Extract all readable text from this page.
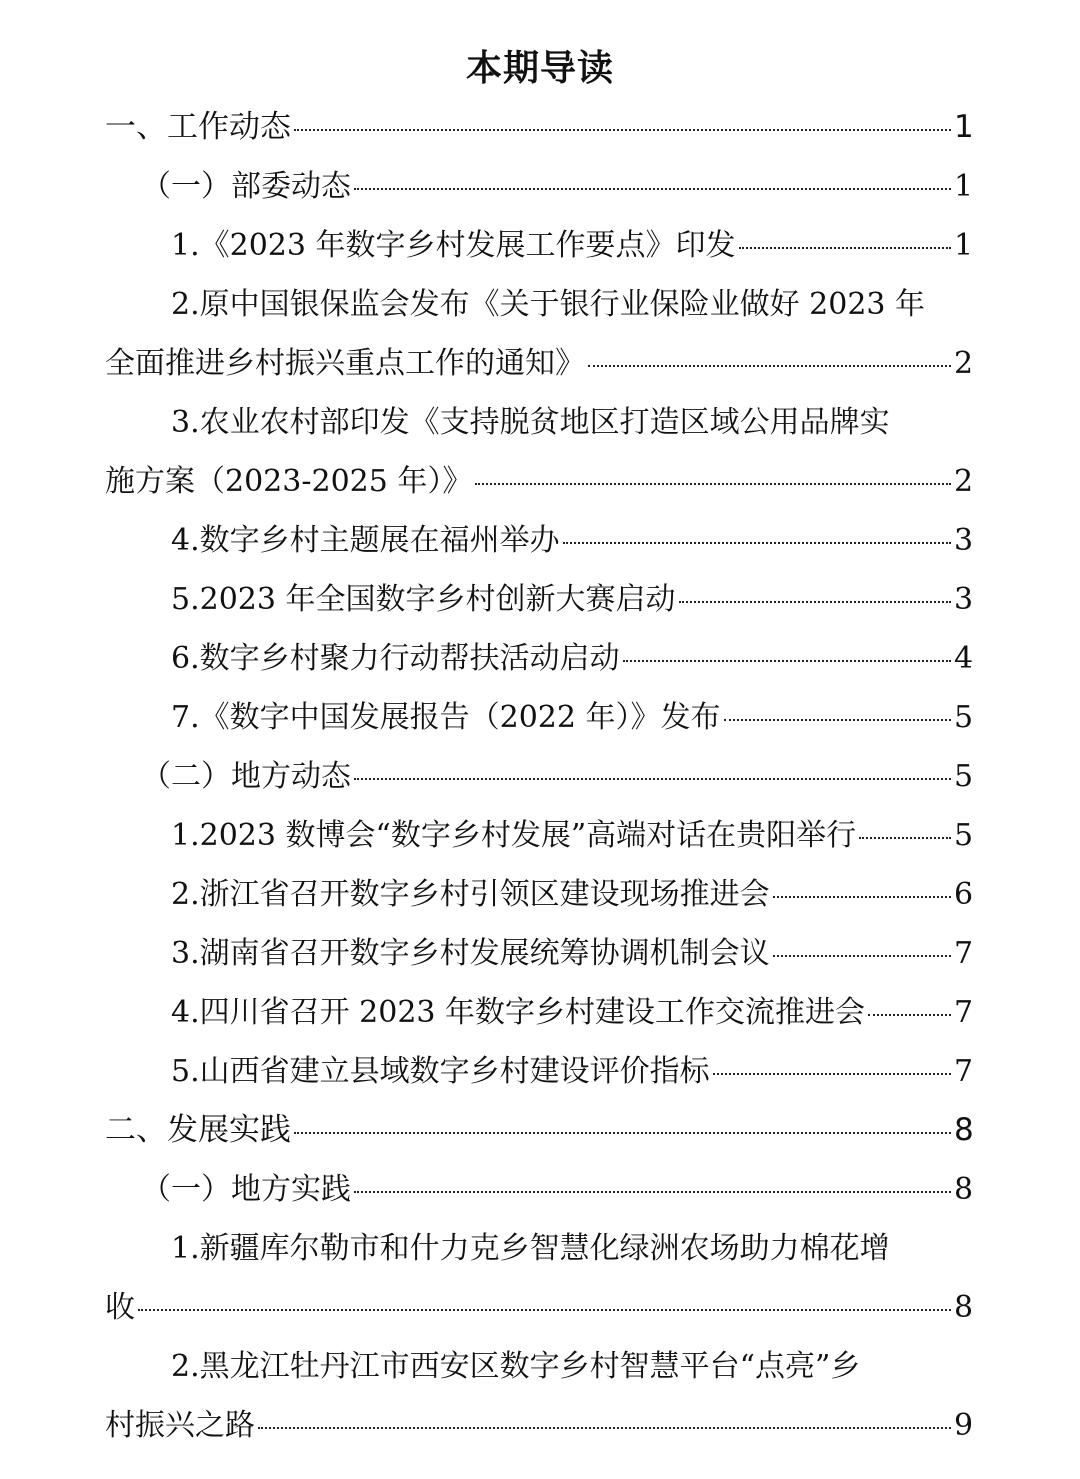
本期导读
一、工作动态	1
（一）部委动态	1
1.《2023 年数字乡村发展工作要点》印发	1
2.原中国银保监会发布《关于银行业保险业做好 2023 年
全面推进乡村振兴重点工作的通知》	2
3.农业农村部印发《支持脱贫地区打造区域公用品牌实
施方案（2023-2025 年）》	2
4.数字乡村主题展在福州举办	3
5.2023 年全国数字乡村创新大赛启动	3
6.数字乡村聚力行动帮扶活动启动	4
7.《数字中国发展报告（2022 年）》发布	5
（二）地方动态	5
1.2023 数博会“数字乡村发展”高端对话在贵阳举行	5
2.浙江省召开数字乡村引领区建设现场推进会	6
3.湖南省召开数字乡村发展统筹协调机制会议	7
4.四川省召开 2023 年数字乡村建设工作交流推进会	7
5.山西省建立县域数字乡村建设评价指标	7
二、发展实践	8
（一）地方实践	8
1.新疆库尔勒市和什力克乡智慧化绿洲农场助力棉花增
收	8
2.黑龙江牡丹江市西安区数字乡村智慧平台“点亮”乡
村振兴之路	9
